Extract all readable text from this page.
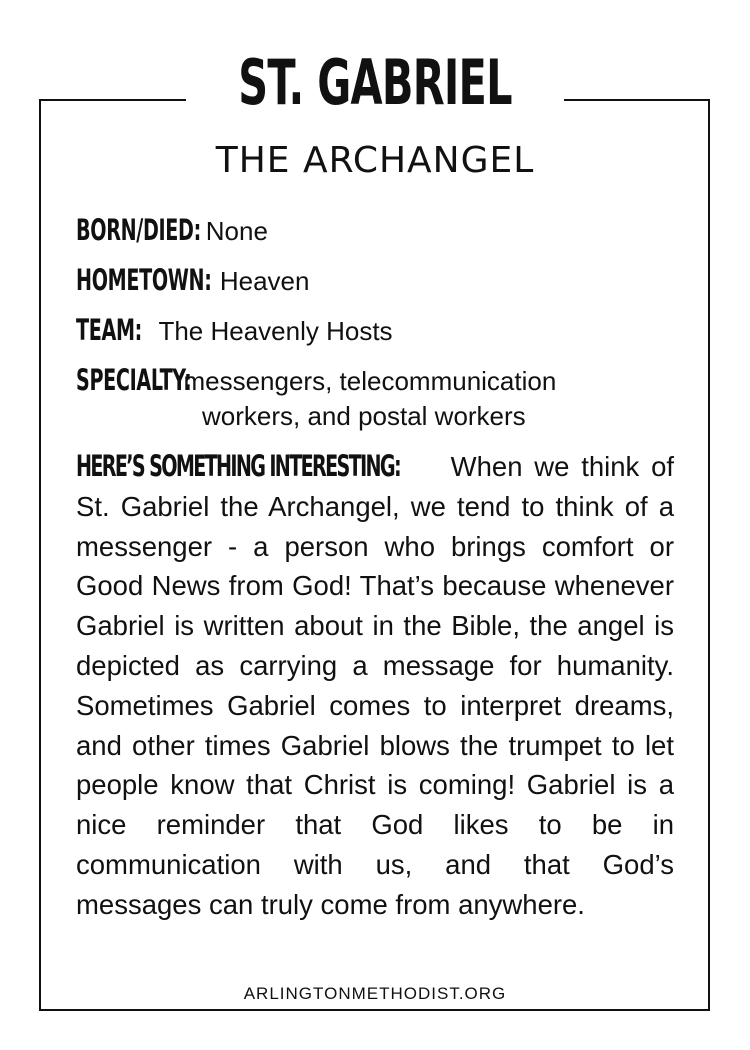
ST. GABRIEL
THE ARCHANGEL
BORN/DIED: None
HOMETOWN: Heaven
TEAM: The Heavenly Hosts
SPECIALTY: messengers, telecommunication
workers, and postal workers
HERE’S SOMETHING INTERESTING: When we think of St. Gabriel the Archangel, we tend to think of a messenger - a person who brings comfort or Good News from God! That’s because whenever Gabriel is written about in the Bible, the angel is depicted as carrying a message for humanity. Sometimes Gabriel comes to interpret dreams, and other times Gabriel blows the trumpet to let people know that Christ is coming! Gabriel is a nice reminder that God likes to be in communication with us, and that God’s messages can truly come from anywhere.
ARLINGTONMETHODIST.ORG
